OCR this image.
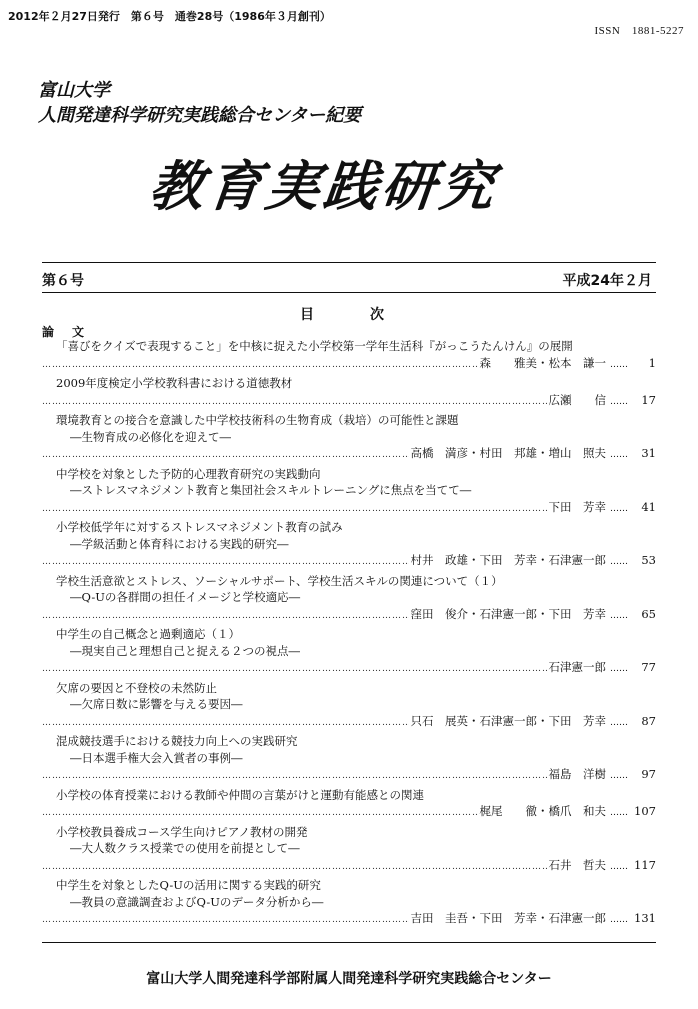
2012年２月27日発行　第６号　通巻28号（1986年３月創刊）
ISSN　1881-5227
富山大学
人間発達科学研究実践総合センター紀要
教育実践研究
第６号	平成24年２月
目次
論文
「喜びをクイズで表現すること」を中核に捉えた小学校第一学年生活科『がっこうたんけん』の展開
……………………………………………………………………………………………………………………………………………………………………………………………………
森　　雅美・松本　謙一 ……	1
2009年度検定小学校教科書における道徳教材
……………………………………………………………………………………………………………………………………………………………………………………………………
広瀬　　信 ……	17
環境教育との接合を意識した中学校技術科の生物育成（栽培）の可能性と課題
―生物育成の必修化を迎えて―
……………………………………………………………………………………………………………………………………………………………………………………………………
高橋　満彦・村田　邦雄・増山　照夫 ……	31
中学校を対象とした予防的心理教育研究の実践動向
―ストレスマネジメント教育と集団社会スキルトレーニングに焦点を当てて―
……………………………………………………………………………………………………………………………………………………………………………………………………
下田　芳幸 ……	41
小学校低学年に対するストレスマネジメント教育の試み
―学級活動と体育科における実践的研究―
……………………………………………………………………………………………………………………………………………………………………………………………………
村井　政雄・下田　芳幸・石津憲一郎 ……	53
学校生活意欲とストレス、ソーシャルサポート、学校生活スキルの関連について（１）
―Q-Uの各群間の担任イメージと学校適応―
……………………………………………………………………………………………………………………………………………………………………………………………………
窪田　俊介・石津憲一郎・下田　芳幸 ……	65
中学生の自己概念と過剰適応（１）
―現実自己と理想自己と捉える２つの視点―
……………………………………………………………………………………………………………………………………………………………………………………………………
石津憲一郎 ……	77
欠席の要因と不登校の未然防止
―欠席日数に影響を与える要因―
……………………………………………………………………………………………………………………………………………………………………………………………………
只石　展英・石津憲一郎・下田　芳幸 ……	87
混成競技選手における競技力向上への実践研究
―日本選手権大会入賞者の事例―
……………………………………………………………………………………………………………………………………………………………………………………………………
福島　洋樹 ……	97
小学校の体育授業における教師や仲間の言葉がけと運動有能感との関連
……………………………………………………………………………………………………………………………………………………………………………………………………
梶尾　　徹・橋爪　和夫 …… 107
小学校教員養成コース学生向けピアノ教材の開発
―大人数クラス授業での使用を前提として―
……………………………………………………………………………………………………………………………………………………………………………………………………
石井　哲夫 …… 117
中学生を対象としたQ-Uの活用に関する実践的研究
―教員の意識調査およびQ-Uのデータ分析から―
……………………………………………………………………………………………………………………………………………………………………………………………………
吉田　圭吾・下田　芳幸・石津憲一郎 …… 131
富山大学人間発達科学部附属人間発達科学研究実践総合センター
